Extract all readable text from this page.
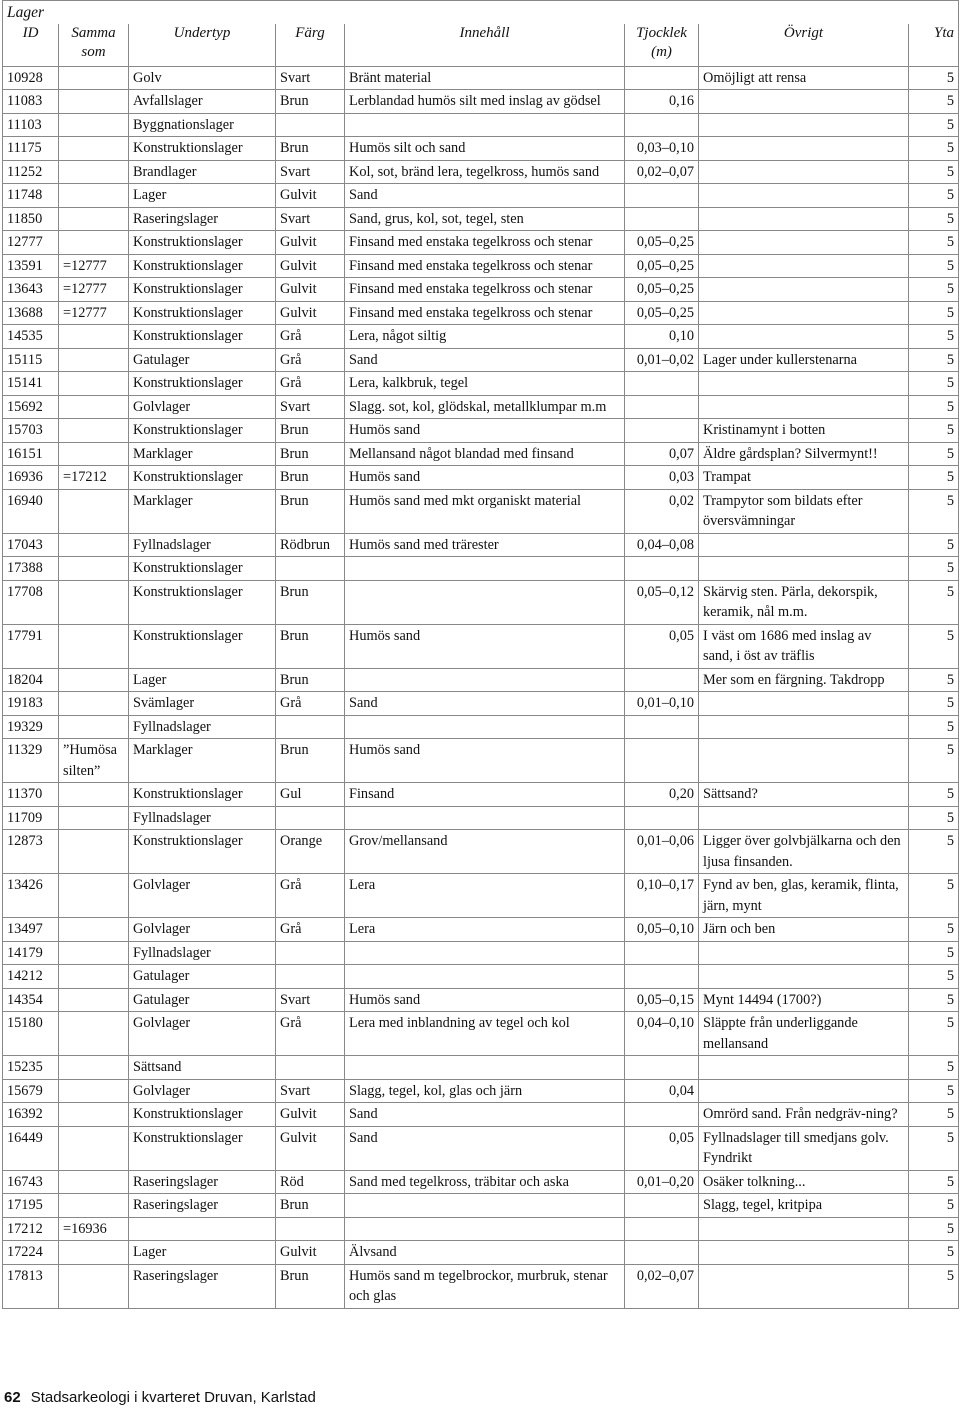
Lager							
ID	Samma som	Undertyp	Färg	Innehåll	Tjocklek (m)	Övrigt	Yta
10928		Golv	Svart	Bränt material		Omöjligt att rensa	5
11083		Avfallslager	Brun	Lerblandad humös silt med inslag av gödsel	0,16		5
11103		Byggnationslager					5
11175		Konstruktionslager	Brun	Humös silt och sand	0,03–0,10		5
11252		Brandlager	Svart	Kol, sot, bränd lera, tegelkross, humös sand	0,02–0,07		5
11748		Lager	Gulvit	Sand			5
11850		Raseringslager	Svart	Sand, grus, kol, sot, tegel, sten			5
12777		Konstruktionslager	Gulvit	Finsand med enstaka tegelkross och stenar	0,05–0,25		5
13591	=12777	Konstruktionslager	Gulvit	Finsand med enstaka tegelkross och stenar	0,05–0,25		5
13643	=12777	Konstruktionslager	Gulvit	Finsand med enstaka tegelkross och stenar	0,05–0,25		5
13688	=12777	Konstruktionslager	Gulvit	Finsand med enstaka tegelkross och stenar	0,05–0,25		5
14535		Konstruktionslager	Grå	Lera, något siltig	0,10		5
15115		Gatulager	Grå	Sand	0,01–0,02	Lager under kullerstenarna	5
15141		Konstruktionslager	Grå	Lera, kalkbruk, tegel			5
15692		Golvlager	Svart	Slagg. sot, kol, glödskal, metallklumpar m.m			5
15703		Konstruktionslager	Brun	Humös sand		Kristinamynt i botten	5
16151		Marklager	Brun	Mellansand något blandad med finsand	0,07	Äldre gårdsplan? Silvermynt!!	5
16936	=17212	Konstruktionslager	Brun	Humös sand	0,03	Trampat	5
16940		Marklager	Brun	Humös sand med mkt organiskt material	0,02	Trampytor som bildats efter översvämningar	5
17043		Fyllnadslager	Rödbrun	Humös sand med trärester	0,04–0,08		5
17388		Konstruktionslager					5
17708		Konstruktionslager	Brun		0,05–0,12	Skärvig sten. Pärla, dekorspik, keramik, nål m.m.	5
17791		Konstruktionslager	Brun	Humös sand	0,05	I väst om 1686 med inslag av sand, i öst av träflis	5
18204		Lager	Brun			Mer som en färgning. Takdropp	5
19183		Svämlager	Grå	Sand	0,01–0,10		5
19329		Fyllnadslager					5
11329	”Humösa silten”	Marklager	Brun	Humös sand			5
11370		Konstruktionslager	Gul	Finsand	0,20	Sättsand?	5
11709		Fyllnadslager					5
12873		Konstruktionslager	Orange	Grov/mellansand	0,01–0,06	Ligger över golvbjälkarna och den ljusa finsanden.	5
13426		Golvlager	Grå	Lera	0,10–0,17	Fynd av ben, glas, keramik, flinta, järn, mynt	5
13497		Golvlager	Grå	Lera	0,05–0,10	Järn och ben	5
14179		Fyllnadslager					5
14212		Gatulager					5
14354		Gatulager	Svart	Humös sand	0,05–0,15	Mynt 14494 (1700?)	5
15180		Golvlager	Grå	Lera med inblandning av tegel och kol	0,04–0,10	Släppte från underliggande mellansand	5
15235		Sättsand					5
15679		Golvlager	Svart	Slagg, tegel, kol, glas och järn	0,04		5
16392		Konstruktionslager	Gulvit	Sand		Omrörd sand. Från nedgräv-ning?	5
16449		Konstruktionslager	Gulvit	Sand	0,05	Fyllnadslager till smedjans golv. Fyndrikt	5
16743		Raseringslager	Röd	Sand med tegelkross, träbitar och aska	0,01–0,20	Osäker tolkning...	5
17195		Raseringslager	Brun			Slagg, tegel, kritpipa	5
17212	=16936						5
17224		Lager	Gulvit	Älvsand			5
17813		Raseringslager	Brun	Humös sand m tegelbrockor, murbruk, stenar och glas	0,02–0,07		5
62 Stadsarkeologi i kvarteret Druvan, Karlstad
